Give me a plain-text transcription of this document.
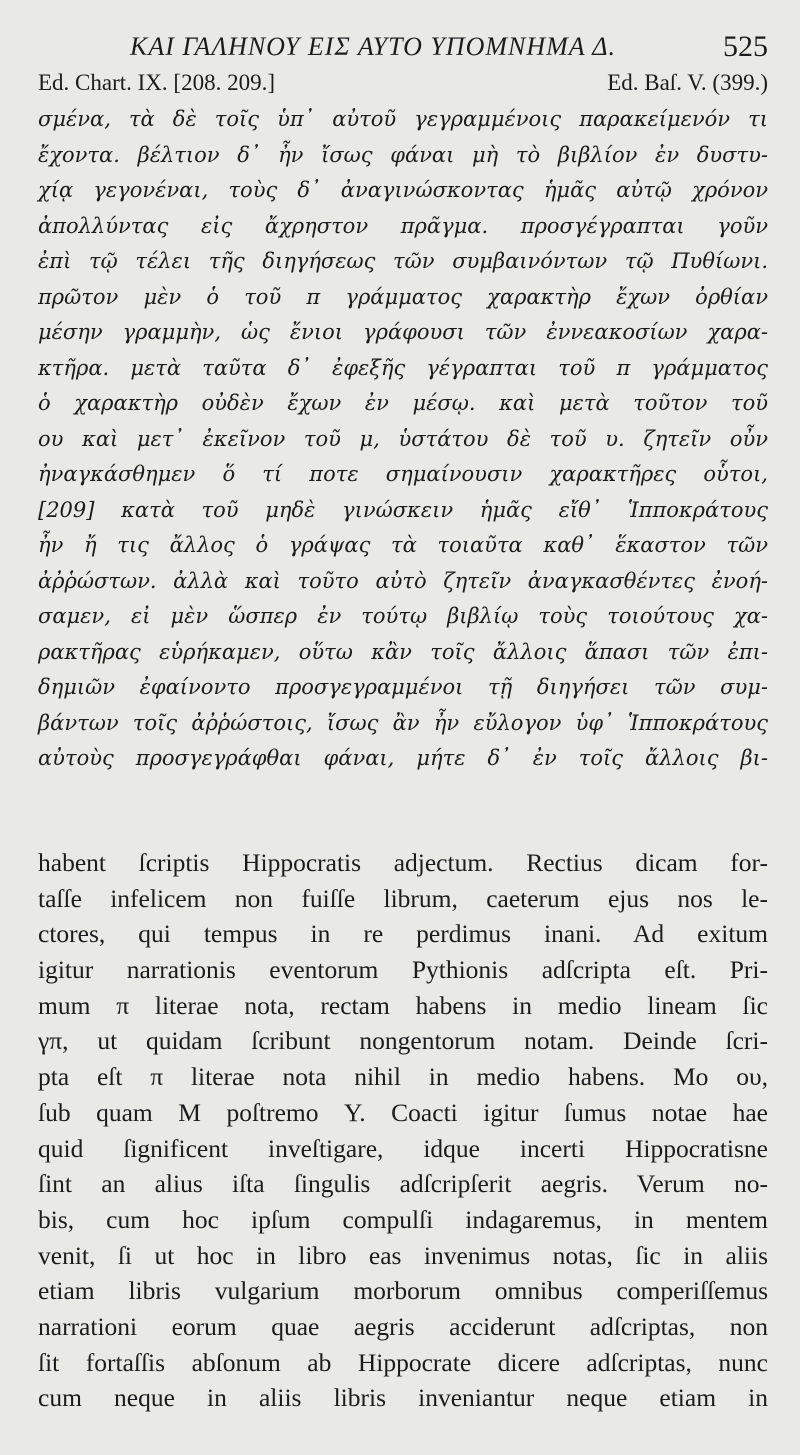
ΚΑΙ ΓΑΛΗΝΟΥ ΕΙΣ ΑΥΤΟ ΥΠΟΜΝΗΜΑ Δ.	525
Ed. Chart. IX. [208. 209.]	Ed. Baſ. V. (399.)
σμένα, τὰ δὲ τοῖς ὑπ᾽ αὐτοῦ γεγραμμένοις παρακείμενόν τι
ἔχοντα. βέλτιον δ᾽ ἦν ἴσως φάναι μὴ τὸ βιβλίον ἐν δυστυ-
χίᾳ γεγονέναι, τοὺς δ᾽ ἀναγινώσκοντας ἡμᾶς αὐτῷ χρόνον
ἀπολλύντας εἰς ἄχρηστον πρᾶγμα. προσγέγραπται γοῦν
ἐπὶ τῷ τέλει τῆς διηγήσεως τῶν συμβαινόντων τῷ Πυθίωνι.
πρῶτον μὲν ὁ τοῦ π γράμματος χαρακτὴρ ἔχων ὀρθίαν
μέσην γραμμὴν, ὡς ἔνιοι γράφουσι τῶν ἐννεακοσίων χαρα-
κτῆρα. μετὰ ταῦτα δ᾽ ἐφεξῆς γέγραπται τοῦ π γράμματος
ὁ χαρακτὴρ οὐδὲν ἔχων ἐν μέσῳ. καὶ μετὰ τοῦτον τοῦ
ου καὶ μετ᾽ ἐκεῖνον τοῦ μ, ὑστάτου δὲ τοῦ υ. ζητεῖν οὖν
ἠναγκάσθημεν ὅ τί ποτε σημαίνουσιν χαρακτῆρες οὗτοι,
[209] κατὰ τοῦ μηδὲ γινώσκειν ἡμᾶς εἴθ᾽ Ἱπποκράτους
ἦν ἤ τις ἄλλος ὁ γράψας τὰ τοιαῦτα καθ᾽ ἕκαστον τῶν
ἀῤῥώστων. ἀλλὰ καὶ τοῦτο αὐτὸ ζητεῖν ἀναγκασθέντες ἐνοή-
σαμεν, εἰ μὲν ὥσπερ ἐν τούτῳ βιβλίῳ τοὺς τοιούτους χα-
ρακτῆρας εὑρήκαμεν, οὕτω κἂν τοῖς ἄλλοις ἅπασι τῶν ἐπι-
δημιῶν ἐφαίνοντο προσγεγραμμένοι τῇ διηγήσει τῶν συμ-
βάντων τοῖς ἀῤῥώστοις, ἴσως ἂν ἦν εὔλογον ὑφ᾽ Ἱπποκράτους
αὐτοὺς προσγεγράφθαι φάναι, μήτε δ᾽ ἐν τοῖς ἄλλοις βι-
habent ſcriptis Hippocratis adjectum. Rectius dicam for-
taſſe infelicem non fuiſſe librum, caeterum ejus nos le-
ctores, qui tempus in re perdimus inani. Ad exitum
igitur narrationis eventorum Pythionis adſcripta eſt. Pri-
mum π literae nota, rectam habens in medio lineam ſic
γπ, ut quidam ſcribunt nongentorum notam. Deinde ſcri-
pta eſt π literae nota nihil in medio habens. Mo ου,
ſub quam M poſtremo Υ. Coacti igitur ſumus notae hae
quid ſignificent inveſtigare, idque incerti Hippocratisne
ſint an alius iſta ſingulis adſcripſerit aegris. Verum no-
bis, cum hoc ipſum compulſi indagaremus, in mentem
venit, ſi ut hoc in libro eas invenimus notas, ſic in aliis
etiam libris vulgarium morborum omnibus comperiſſemus
narrationi eorum quae aegris acciderunt adſcriptas, non
ſit fortaſſis abſonum ab Hippocrate dicere adſcriptas, nunc
cum neque in aliis libris inveniantur neque etiam in
